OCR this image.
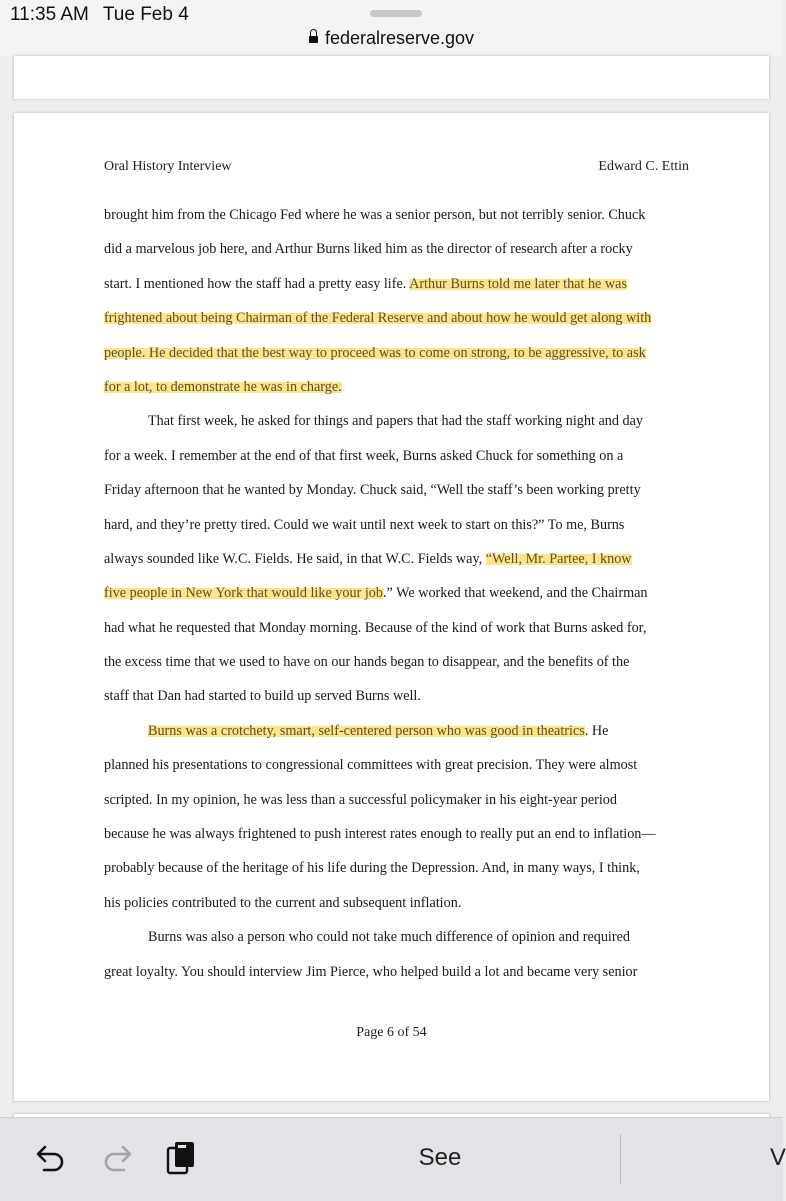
11:35 AM Tue Feb 4
federalreserve.gov
Oral History Interview	Edward C. Ettin
brought him from the Chicago Fed where he was a senior person, but not terribly senior. Chuck
did a marvelous job here, and Arthur Burns liked him as the director of research after a rocky
start. I mentioned how the staff had a pretty easy life. Arthur Burns told me later that he was
frightened about being Chairman of the Federal Reserve and about how he would get along with
people. He decided that the best way to proceed was to come on strong, to be aggressive, to ask
for a lot, to demonstrate he was in charge.
That first week, he asked for things and papers that had the staff working night and day
for a week. I remember at the end of that first week, Burns asked Chuck for something on a
Friday afternoon that he wanted by Monday. Chuck said, “Well the staff’s been working pretty
hard, and they’re pretty tired. Could we wait until next week to start on this?” To me, Burns
always sounded like W.C. Fields. He said, in that W.C. Fields way, “Well, Mr. Partee, I know
five people in New York that would like your job.” We worked that weekend, and the Chairman
had what he requested that Monday morning. Because of the kind of work that Burns asked for,
the excess time that we used to have on our hands began to disappear, and the benefits of the
staff that Dan had started to build up served Burns well.
Burns was a crotchety, smart, self-centered person who was good in theatrics. He
planned his presentations to congressional committees with great precision. They were almost
scripted. In my opinion, he was less than a successful policymaker in his eight-year period
because he was always frightened to push interest rates enough to really put an end to inflation—
probably because of the heritage of his life during the Depression. And, in many ways, I think,
his policies contributed to the current and subsequent inflation.
Burns was also a person who could not take much difference of opinion and required
great loyalty. You should interview Jim Pierce, who helped build a lot and became very senior
Page 6 of 54
See	V
